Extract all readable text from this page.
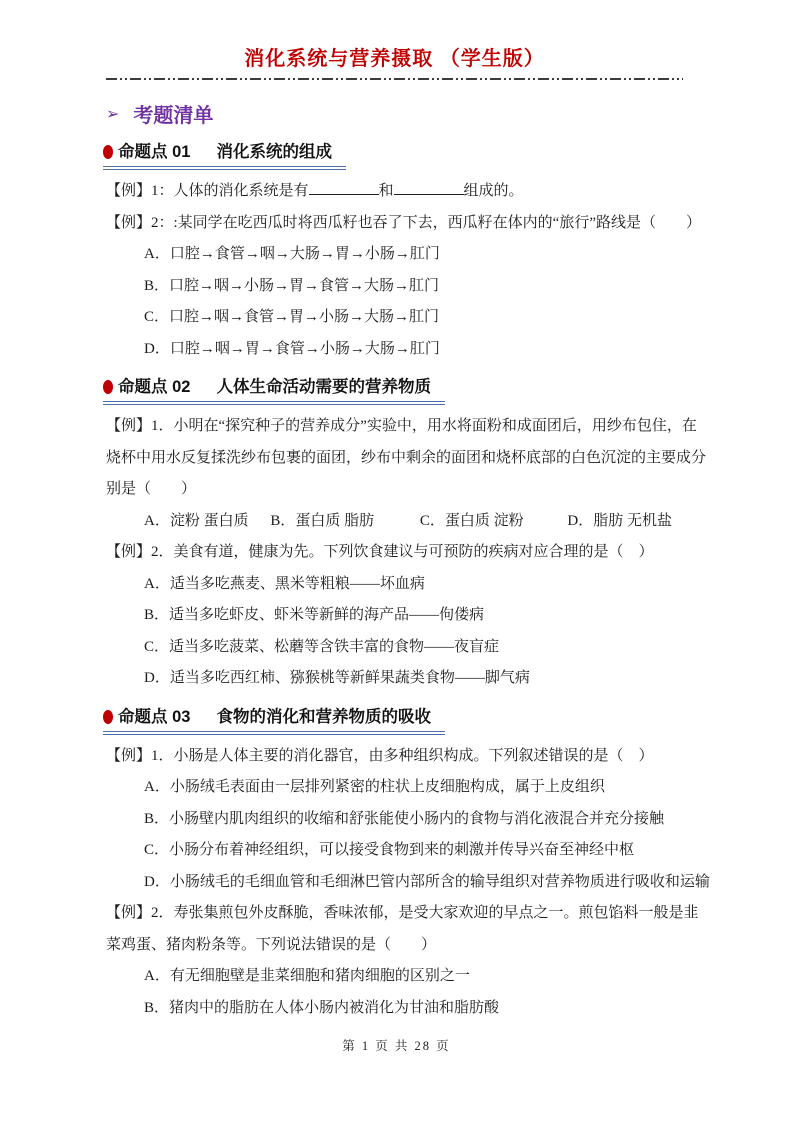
消化系统与营养摄取 （学生版）
➢ 考题清单
命题点 01 消化系统的组成
【例】1：人体的消化系统是有	和	组成的。
【例】2：:某同学在吃西瓜时将西瓜籽也吞了下去，西瓜籽在体内的“旅行”路线是（　　）
A．口腔→食管→咽→大肠→胃→小肠→肛门
B．口腔→咽→小肠→胃→食管→大肠→肛门
C．口腔→咽→食管→胃→小肠→大肠→肛门
D．口腔→咽→胃→食管→小肠→大肠→肛门
命题点 02 人体生命活动需要的营养物质
【例】1．小明在“探究种子的营养成分”实验中，用水将面粉和成面团后，用纱布包住，在
烧杯中用水反复揉洗纱布包裹的面团，纱布中剩余的面团和烧杯底部的白色沉淀的主要成分
别是（　　）
A．淀粉 蛋白质 B．蛋白质 脂肪	C．蛋白质 淀粉	D．脂肪 无机盐
【例】2．美食有道，健康为先。下列饮食建议与可预防的疾病对应合理的是（　）
A．适当多吃燕麦、黑米等粗粮——坏血病
B．适当多吃虾皮、虾米等新鲜的海产品——佝偻病
C．适当多吃菠菜、松蘑等含铁丰富的食物——夜盲症
D．适当多吃西红柿、猕猴桃等新鲜果蔬类食物——脚气病
命题点 03 食物的消化和营养物质的吸收
【例】1．小肠是人体主要的消化器官，由多种组织构成。下列叙述错误的是（　）
A．小肠绒毛表面由一层排列紧密的柱状上皮细胞构成，属于上皮组织
B．小肠壁内肌肉组织的收缩和舒张能使小肠内的食物与消化液混合并充分接触
C．小肠分布着神经组织，可以接受食物到来的刺激并传导兴奋至神经中枢
D．小肠绒毛的毛细血管和毛细淋巴管内部所含的输导组织对营养物质进行吸收和运输
【例】2．寿张集煎包外皮酥脆，香味浓郁，是受大家欢迎的早点之一。煎包馅料一般是韭
菜鸡蛋、猪肉粉条等。下列说法错误的是（　　）
A．有无细胞壁是韭菜细胞和猪肉细胞的区别之一
B．猪肉中的脂肪在人体小肠内被消化为甘油和脂肪酸
第 1 页 共 28 页
